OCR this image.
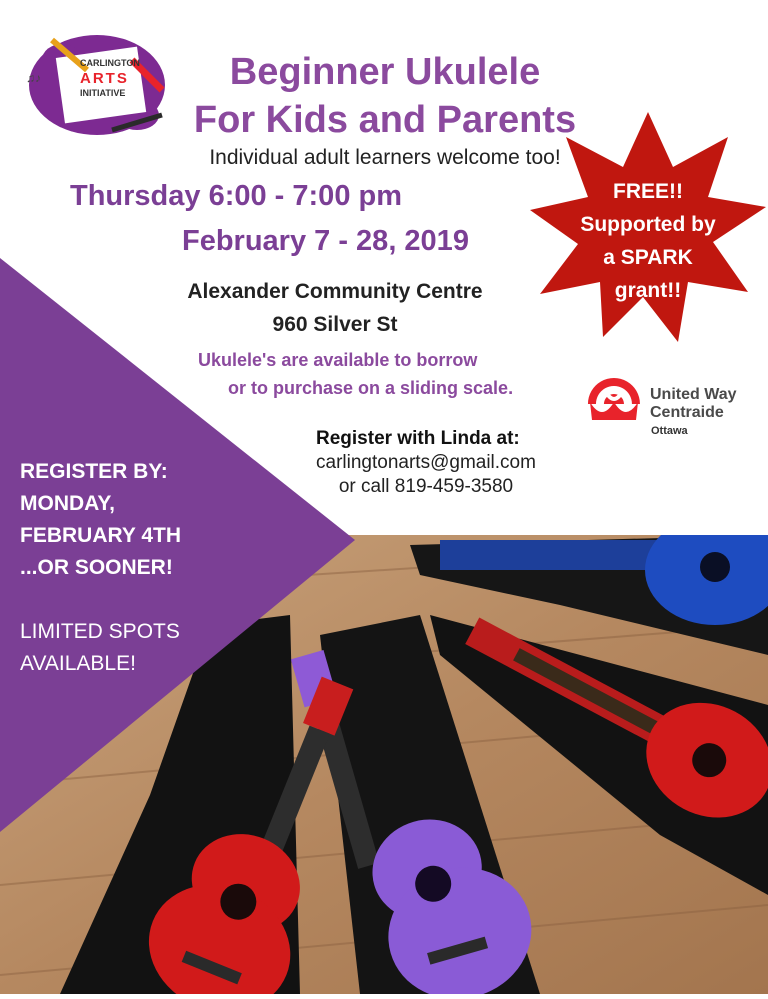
♫♪
CARLINGTON
ARTS
INITIATIVE	Beginner Ukulele
For Kids and Parents
Individual adult learners welcome too!
Thursday 6:00 - 7:00 pm
February 7 - 28, 2019
Alexander Community Centre
960 Silver St
Ukulele's are available to borrow
or to purchase on a sliding scale.
Register with Linda at:
carlingtonarts@gmail.com
or call 819-459-3580
FREE!!
Supported by
a SPARK
grant!!
United Way
Centraide
Ottawa
REGISTER BY:
MONDAY,
FEBRUARY 4TH
...OR SOONER!
LIMITED SPOTS
AVAILABLE!
